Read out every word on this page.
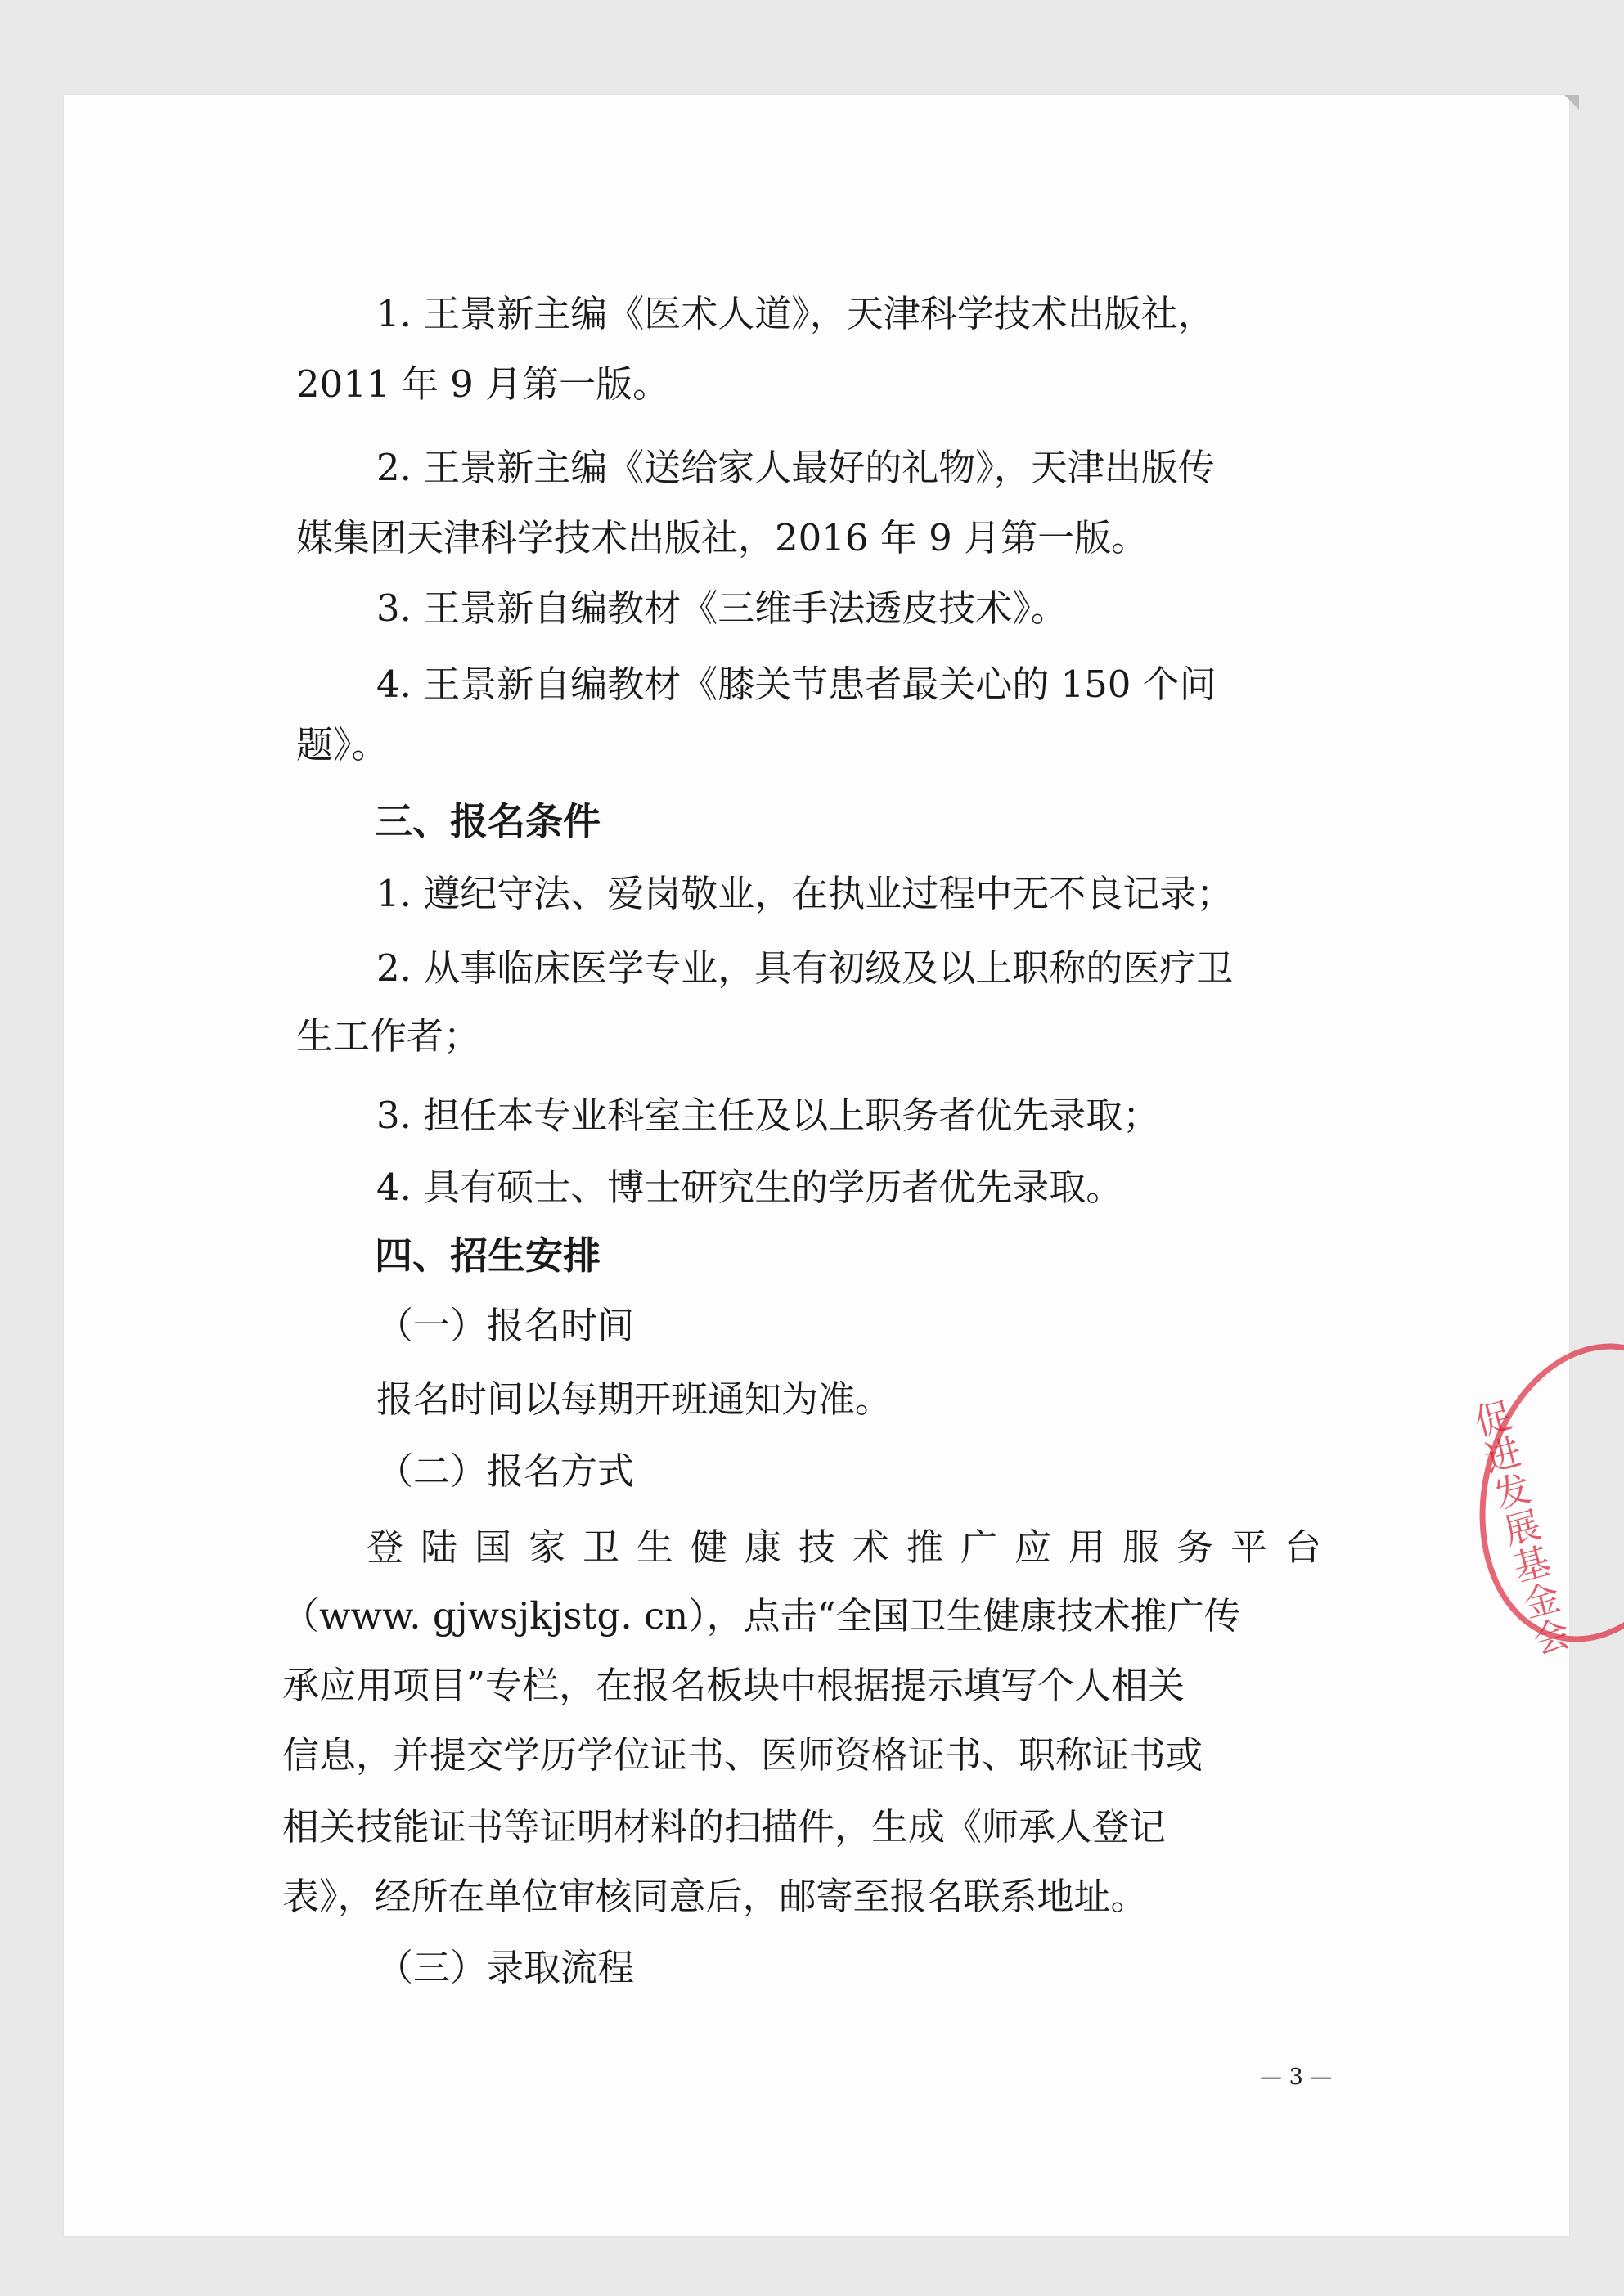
1. 王景新主编《医术人道》，天津科学技术出版社，
2011 年 9 月第一版。
2. 王景新主编《送给家人最好的礼物》，天津出版传
媒集团天津科学技术出版社，2016 年 9 月第一版。
3. 王景新自编教材《三维手法透皮技术》。
4. 王景新自编教材《膝关节患者最关心的 150 个问
题》。
三、报名条件
1. 遵纪守法、爱岗敬业，在执业过程中无不良记录；
2. 从事临床医学专业，具有初级及以上职称的医疗卫
生工作者；
3. 担任本专业科室主任及以上职务者优先录取；
4. 具有硕士、博士研究生的学历者优先录取。
四、招生安排
（一）报名时间
报名时间以每期开班通知为准。
（二）报名方式
登陆国家卫生健康技术推广应用服务平台
（www. gjwsjkjstg. cn），点击“全国卫生健康技术推广传
承应用项目”专栏，在报名板块中根据提示填写个人相关
信息，并提交学历学位证书、医师资格证书、职称证书或
相关技能证书等证明材料的扫描件，生成《师承人登记
表》，经所在单位审核同意后，邮寄至报名联系地址。
（三）录取流程
— 3 —
促进发展基金会
